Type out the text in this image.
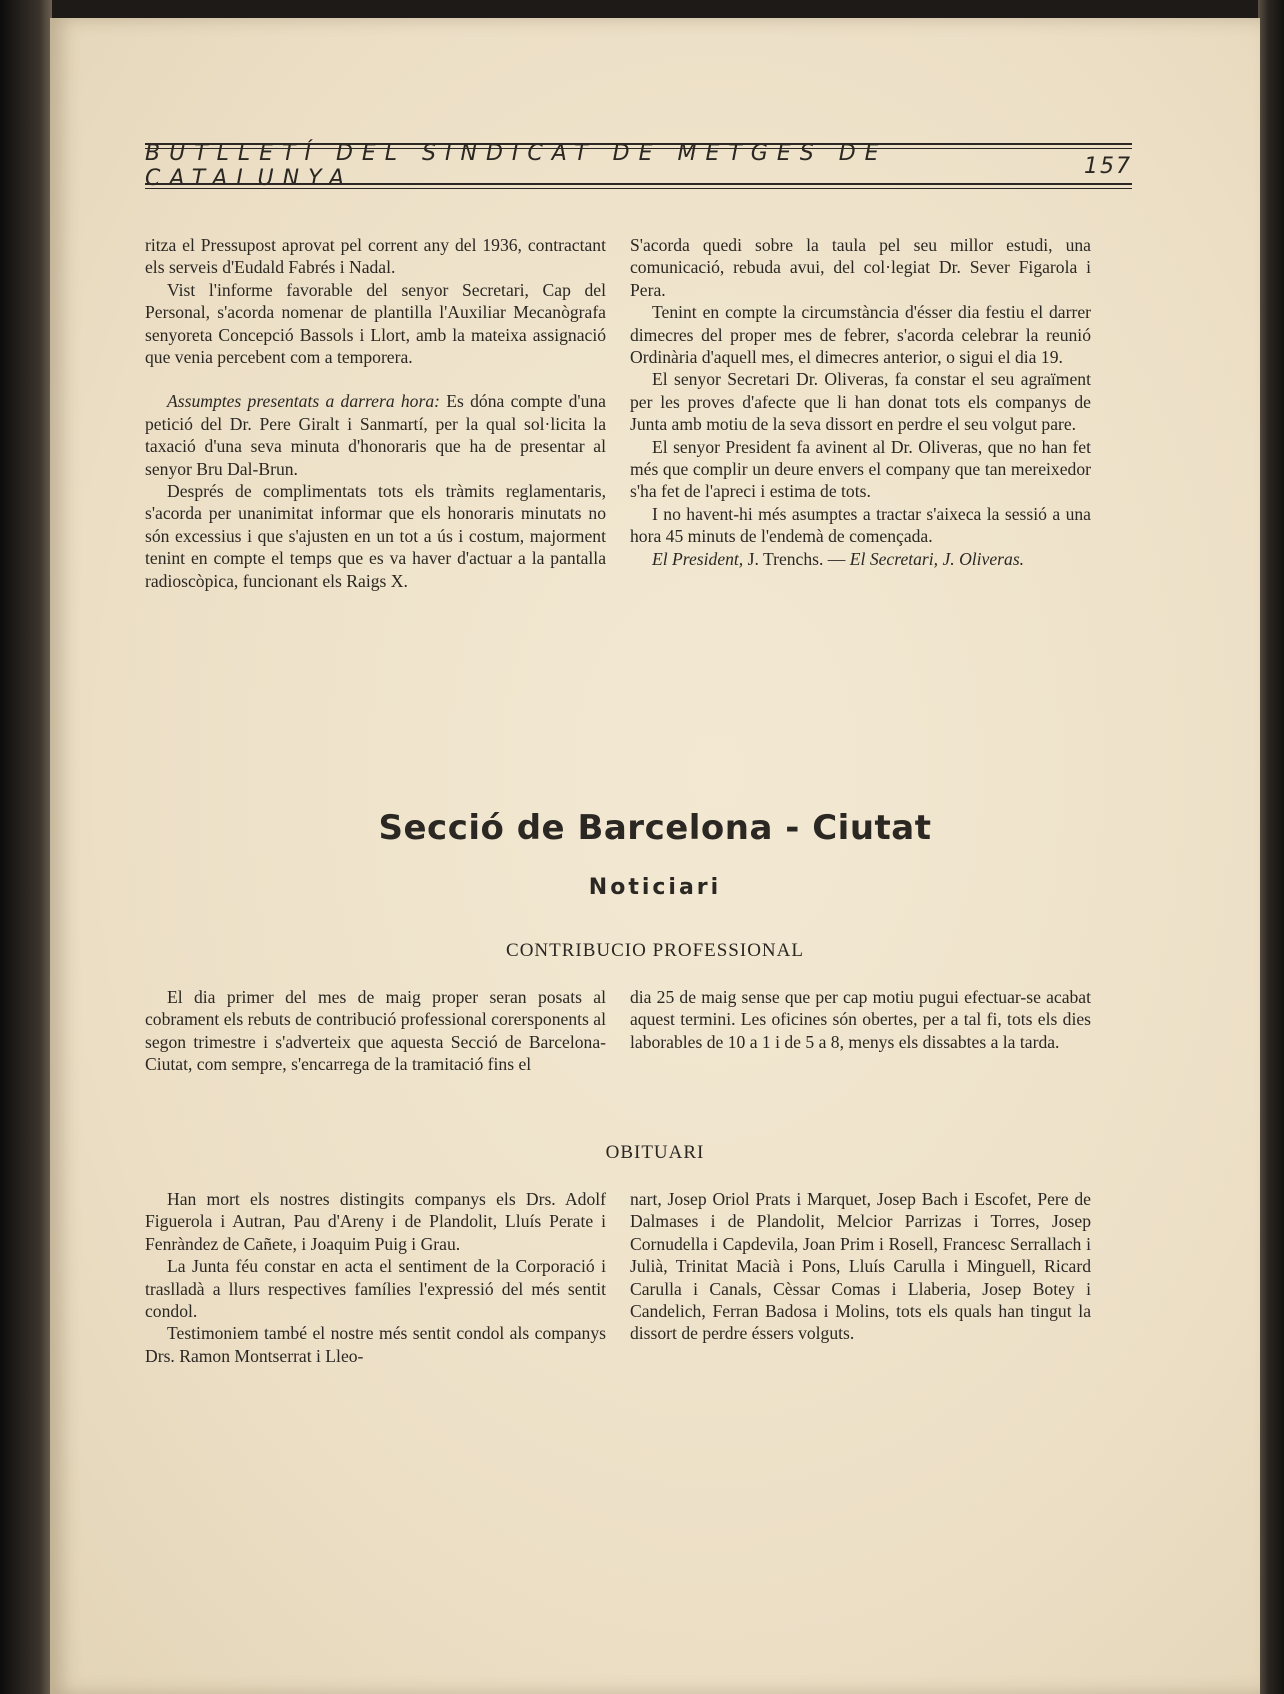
BUTLLETÍ DEL SINDICAT DE METGES DE CATALUNYA	157

ritza el Pressupost aprovat pel corrent any del 1936, contractant els serveis d'Eudald Fabrés i Nadal.

Vist l'informe favorable del senyor Secretari, Cap del Personal, s'acorda nomenar de plantilla l'Auxiliar Mecanògrafa senyoreta Concepció Bassols i Llort, amb la mateixa assignació que venia percebent com a temporera.

Assumptes presentats a darrera hora: Es dóna compte d'una petició del Dr. Pere Giralt i Sanmartí, per la qual sol·licita la taxació d'una seva minuta d'honoraris que ha de presentar al senyor Bru Dal-Brun.

Després de complimentats tots els tràmits reglamentaris, s'acorda per unanimitat informar que els honoraris minutats no són excessius i que s'ajusten en un tot a ús i costum, majorment tenint en compte el temps que es va haver d'actuar a la pantalla radioscòpica, funcionant els Raigs X.

S'acorda quedi sobre la taula pel seu millor estudi, una comunicació, rebuda avui, del col·legiat Dr. Sever Figarola i Pera.

Tenint en compte la circumstància d'ésser dia festiu el darrer dimecres del proper mes de febrer, s'acorda celebrar la reunió Ordinària d'aquell mes, el dimecres anterior, o sigui el dia 19.

El senyor Secretari Dr. Oliveras, fa constar el seu agraïment per les proves d'afecte que li han donat tots els companys de Junta amb motiu de la seva dissort en perdre el seu volgut pare.

El senyor President fa avinent al Dr. Oliveras, que no han fet més que complir un deure envers el company que tan mereixedor s'ha fet de l'apreci i estima de tots.

I no havent-hi més asumptes a tractar s'aixeca la sessió a una hora 45 minuts de l'endemà de començada.

El President, J. Trenchs. — El Secretari, J. Oliveras.

Secció de Barcelona - Ciutat
Noticiari
CONTRIBUCIO PROFESSIONAL

El dia primer del mes de maig proper seran posats al cobrament els rebuts de contribució professional corersponents al segon trimestre i s'adverteix que aquesta Secció de Barcelona-Ciutat, com sempre, s'encarrega de la tramitació fins el

dia 25 de maig sense que per cap motiu pugui efectuar-se acabat aquest termini. Les oficines són obertes, per a tal fi, tots els dies laborables de 10 a 1 i de 5 a 8, menys els dissabtes a la tarda.

OBITUARI

Han mort els nostres distingits companys els Drs. Adolf Figuerola i Autran, Pau d'Areny i de Plandolit, Lluís Perate i Fenràndez de Cañete, i Joaquim Puig i Grau.

La Junta féu constar en acta el sentiment de la Corporació i traslladà a llurs respectives famílies l'expressió del més sentit condol.

Testimoniem també el nostre més sentit condol als companys Drs. Ramon Montserrat i Lleo-

nart, Josep Oriol Prats i Marquet, Josep Bach i Escofet, Pere de Dalmases i de Plandolit, Melcior Parrizas i Torres, Josep Cornudella i Capdevila, Joan Prim i Rosell, Francesc Serrallach i Julià, Trinitat Macià i Pons, Lluís Carulla i Minguell, Ricard Carulla i Canals, Cèssar Comas i Llaberia, Josep Botey i Candelich, Ferran Badosa i Molins, tots els quals han tingut la dissort de perdre éssers volguts.
